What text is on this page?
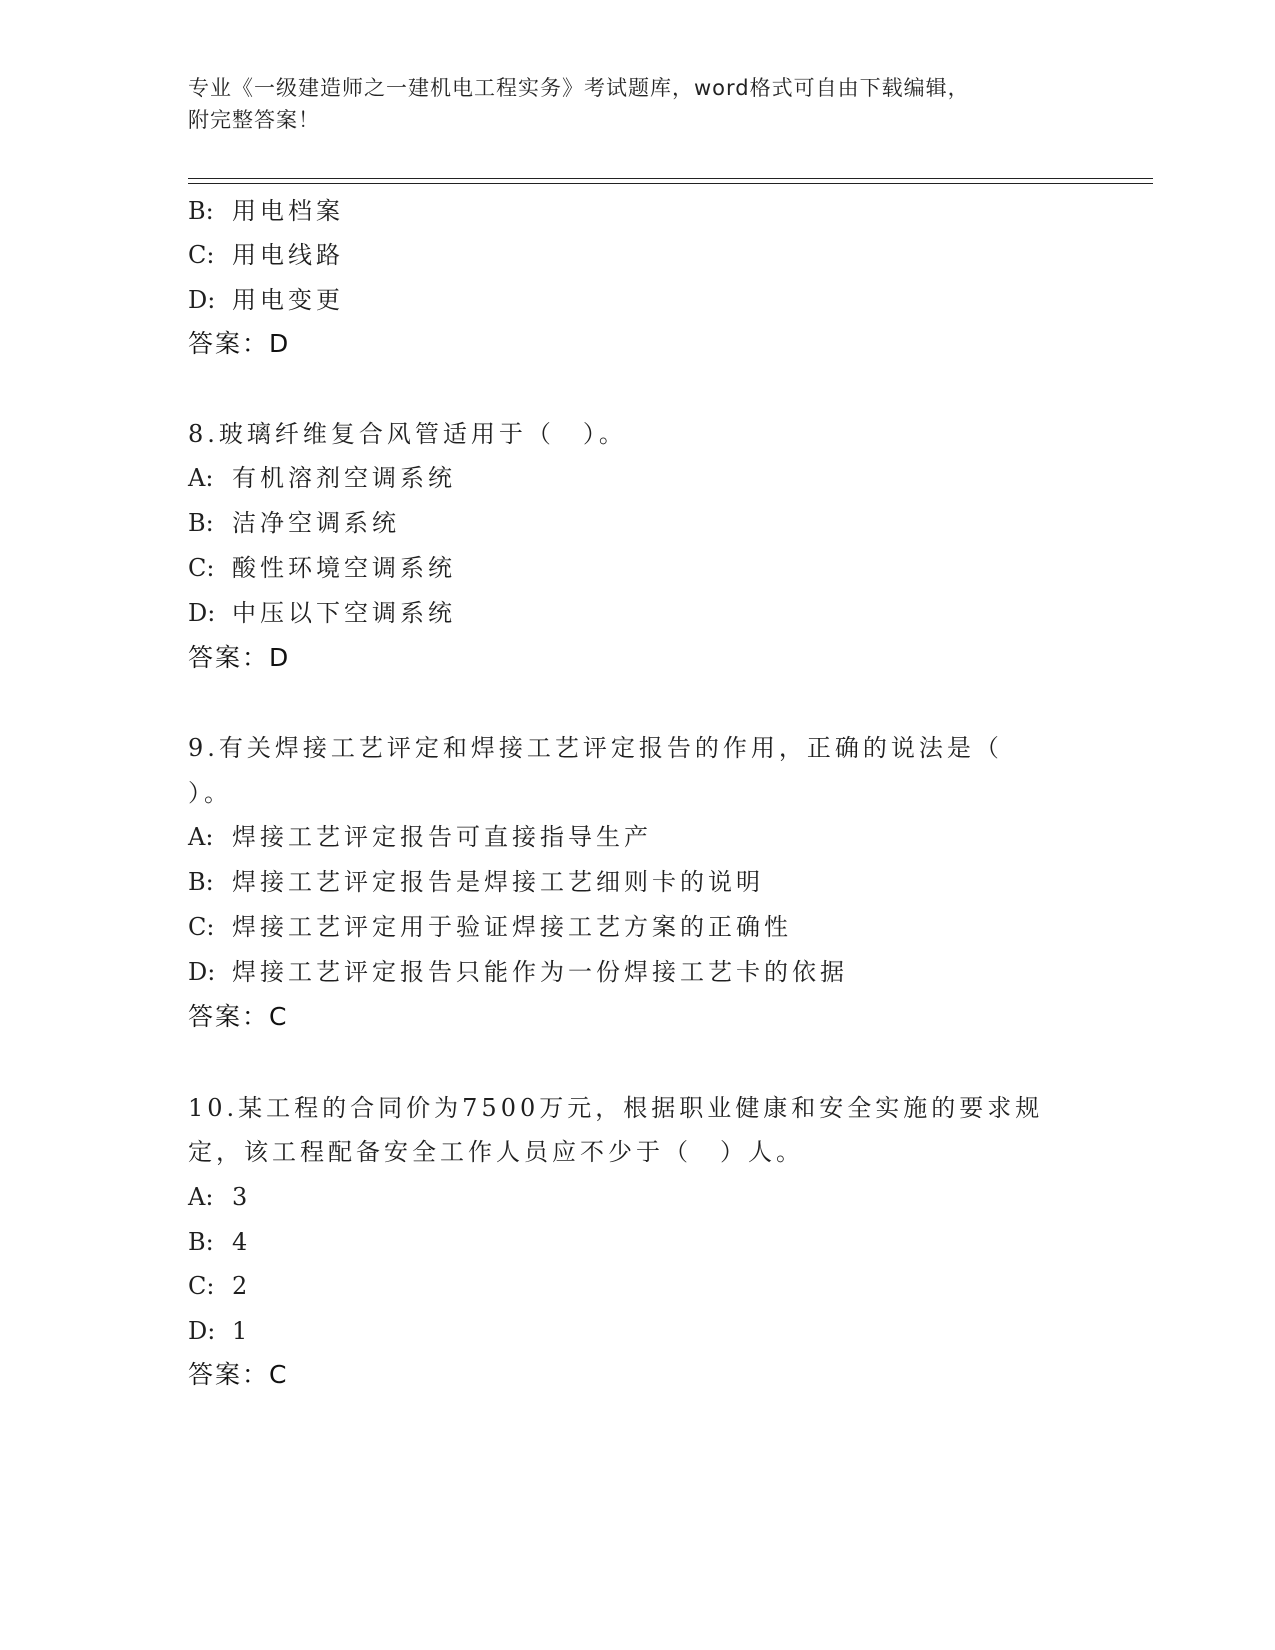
专业《一级建造师之一建机电工程实务》考试题库，word格式可自由下载编辑，
附完整答案！
B: 用电档案
C: 用电线路
D: 用电变更
答案：D
8.玻璃纤维复合风管适用于（　）。
A: 有机溶剂空调系统
B: 洁净空调系统
C: 酸性环境空调系统
D: 中压以下空调系统
答案：D
9.有关焊接工艺评定和焊接工艺评定报告的作用，正确的说法是（
）。
A: 焊接工艺评定报告可直接指导生产
B: 焊接工艺评定报告是焊接工艺细则卡的说明
C: 焊接工艺评定用于验证焊接工艺方案的正确性
D: 焊接工艺评定报告只能作为一份焊接工艺卡的依据
答案：C
10.某工程的合同价为7500万元，根据职业健康和安全实施的要求规
定，该工程配备安全工作人员应不少于（　）人。
A: 3
B: 4
C: 2
D: 1
答案：C
